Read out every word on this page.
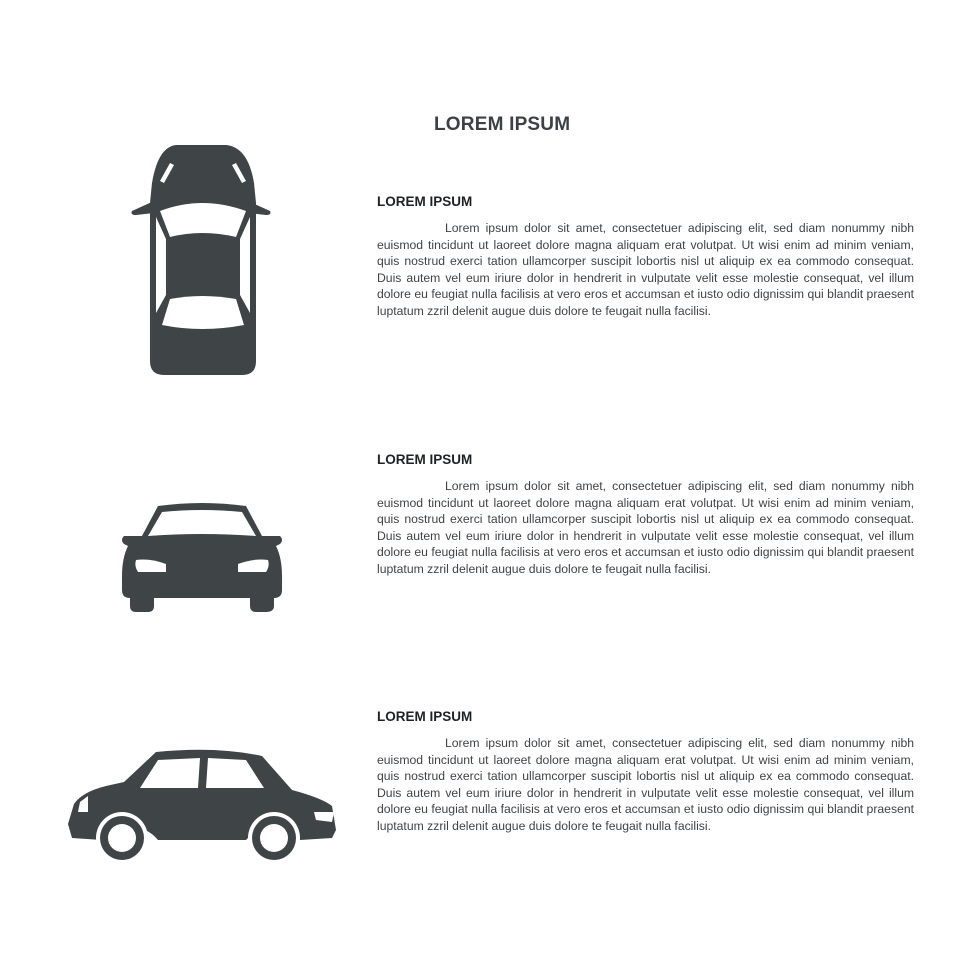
LOREM IPSUM
LOREM IPSUM

Lorem ipsum dolor sit amet, consectetuer adipiscing elit, sed diam nonummy nibh euismod tincidunt ut laoreet dolore magna aliquam erat volutpat. Ut wisi enim ad minim veniam, quis nostrud exerci tation ullamcorper suscipit lobortis nisl ut aliquip ex ea commodo consequat. Duis autem vel eum iriure dolor in hendrerit in vulputate velit esse molestie consequat, vel illum dolore eu feugiat nulla facilisis at vero eros et accumsan et iusto odio dignissim qui blandit praesent luptatum zzril delenit augue duis dolore te feugait nulla facilisi.

LOREM IPSUM

Lorem ipsum dolor sit amet, consectetuer adipiscing elit, sed diam nonummy nibh euismod tincidunt ut laoreet dolore magna aliquam erat volutpat. Ut wisi enim ad minim veniam, quis nostrud exerci tation ullamcorper suscipit lobortis nisl ut aliquip ex ea commodo consequat. Duis autem vel eum iriure dolor in hendrerit in vulputate velit esse molestie consequat, vel illum dolore eu feugiat nulla facilisis at vero eros et accumsan et iusto odio dignissim qui blandit praesent luptatum zzril delenit augue duis dolore te feugait nulla facilisi.

LOREM IPSUM

Lorem ipsum dolor sit amet, consectetuer adipiscing elit, sed diam nonummy nibh euismod tincidunt ut laoreet dolore magna aliquam erat volutpat. Ut wisi enim ad minim veniam, quis nostrud exerci tation ullamcorper suscipit lobortis nisl ut aliquip ex ea commodo consequat. Duis autem vel eum iriure dolor in hendrerit in vulputate velit esse molestie consequat, vel illum dolore eu feugiat nulla facilisis at vero eros et accumsan et iusto odio dignissim qui blandit praesent luptatum zzril delenit augue duis dolore te feugait nulla facilisi.
